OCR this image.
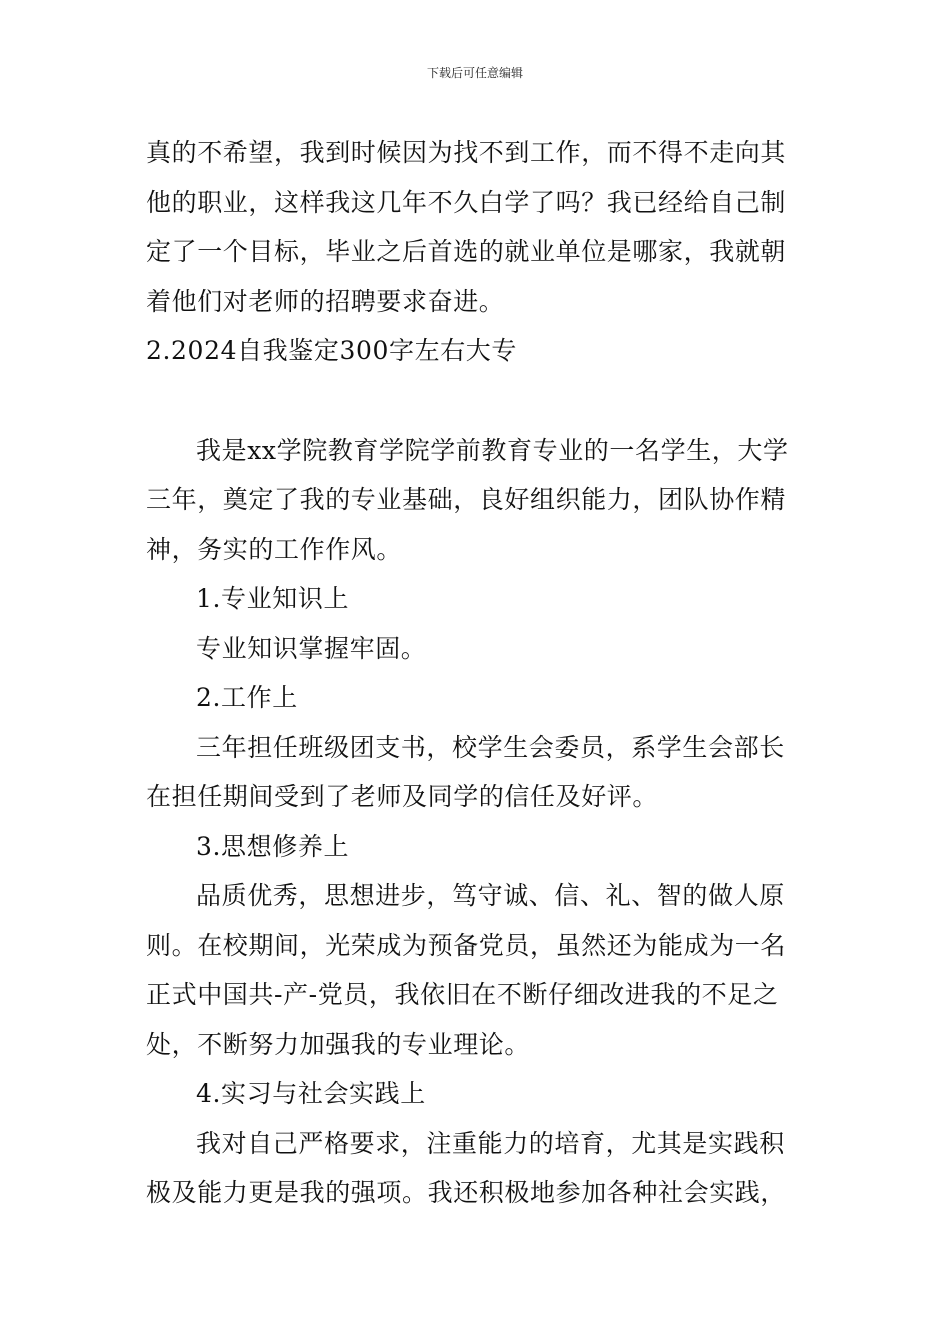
下载后可任意编辑
真的不希望，我到时候因为找不到工作，而不得不走向其
他的职业，这样我这几年不久白学了吗？我已经给自己制
定了一个目标，毕业之后首选的就业单位是哪家，我就朝
着他们对老师的招聘要求奋进。
2.2024自我鉴定300字左右大专
我是xx学院教育学院学前教育专业的一名学生，大学
三年，奠定了我的专业基础，良好组织能力，团队协作精
神，务实的工作作风。
1.专业知识上
专业知识掌握牢固。
2.工作上
三年担任班级团支书，校学生会委员，系学生会部长
在担任期间受到了老师及同学的信任及好评。
3.思想修养上
品质优秀，思想进步，笃守诚、信、礼、智的做人原
则。在校期间，光荣成为预备党员，虽然还为能成为一名
正式中国共-产-党员，我依旧在不断仔细改进我的不足之
处，不断努力加强我的专业理论。
4.实习与社会实践上
我对自己严格要求，注重能力的培育，尤其是实践积
极及能力更是我的强项。我还积极地参加各种社会实践，
